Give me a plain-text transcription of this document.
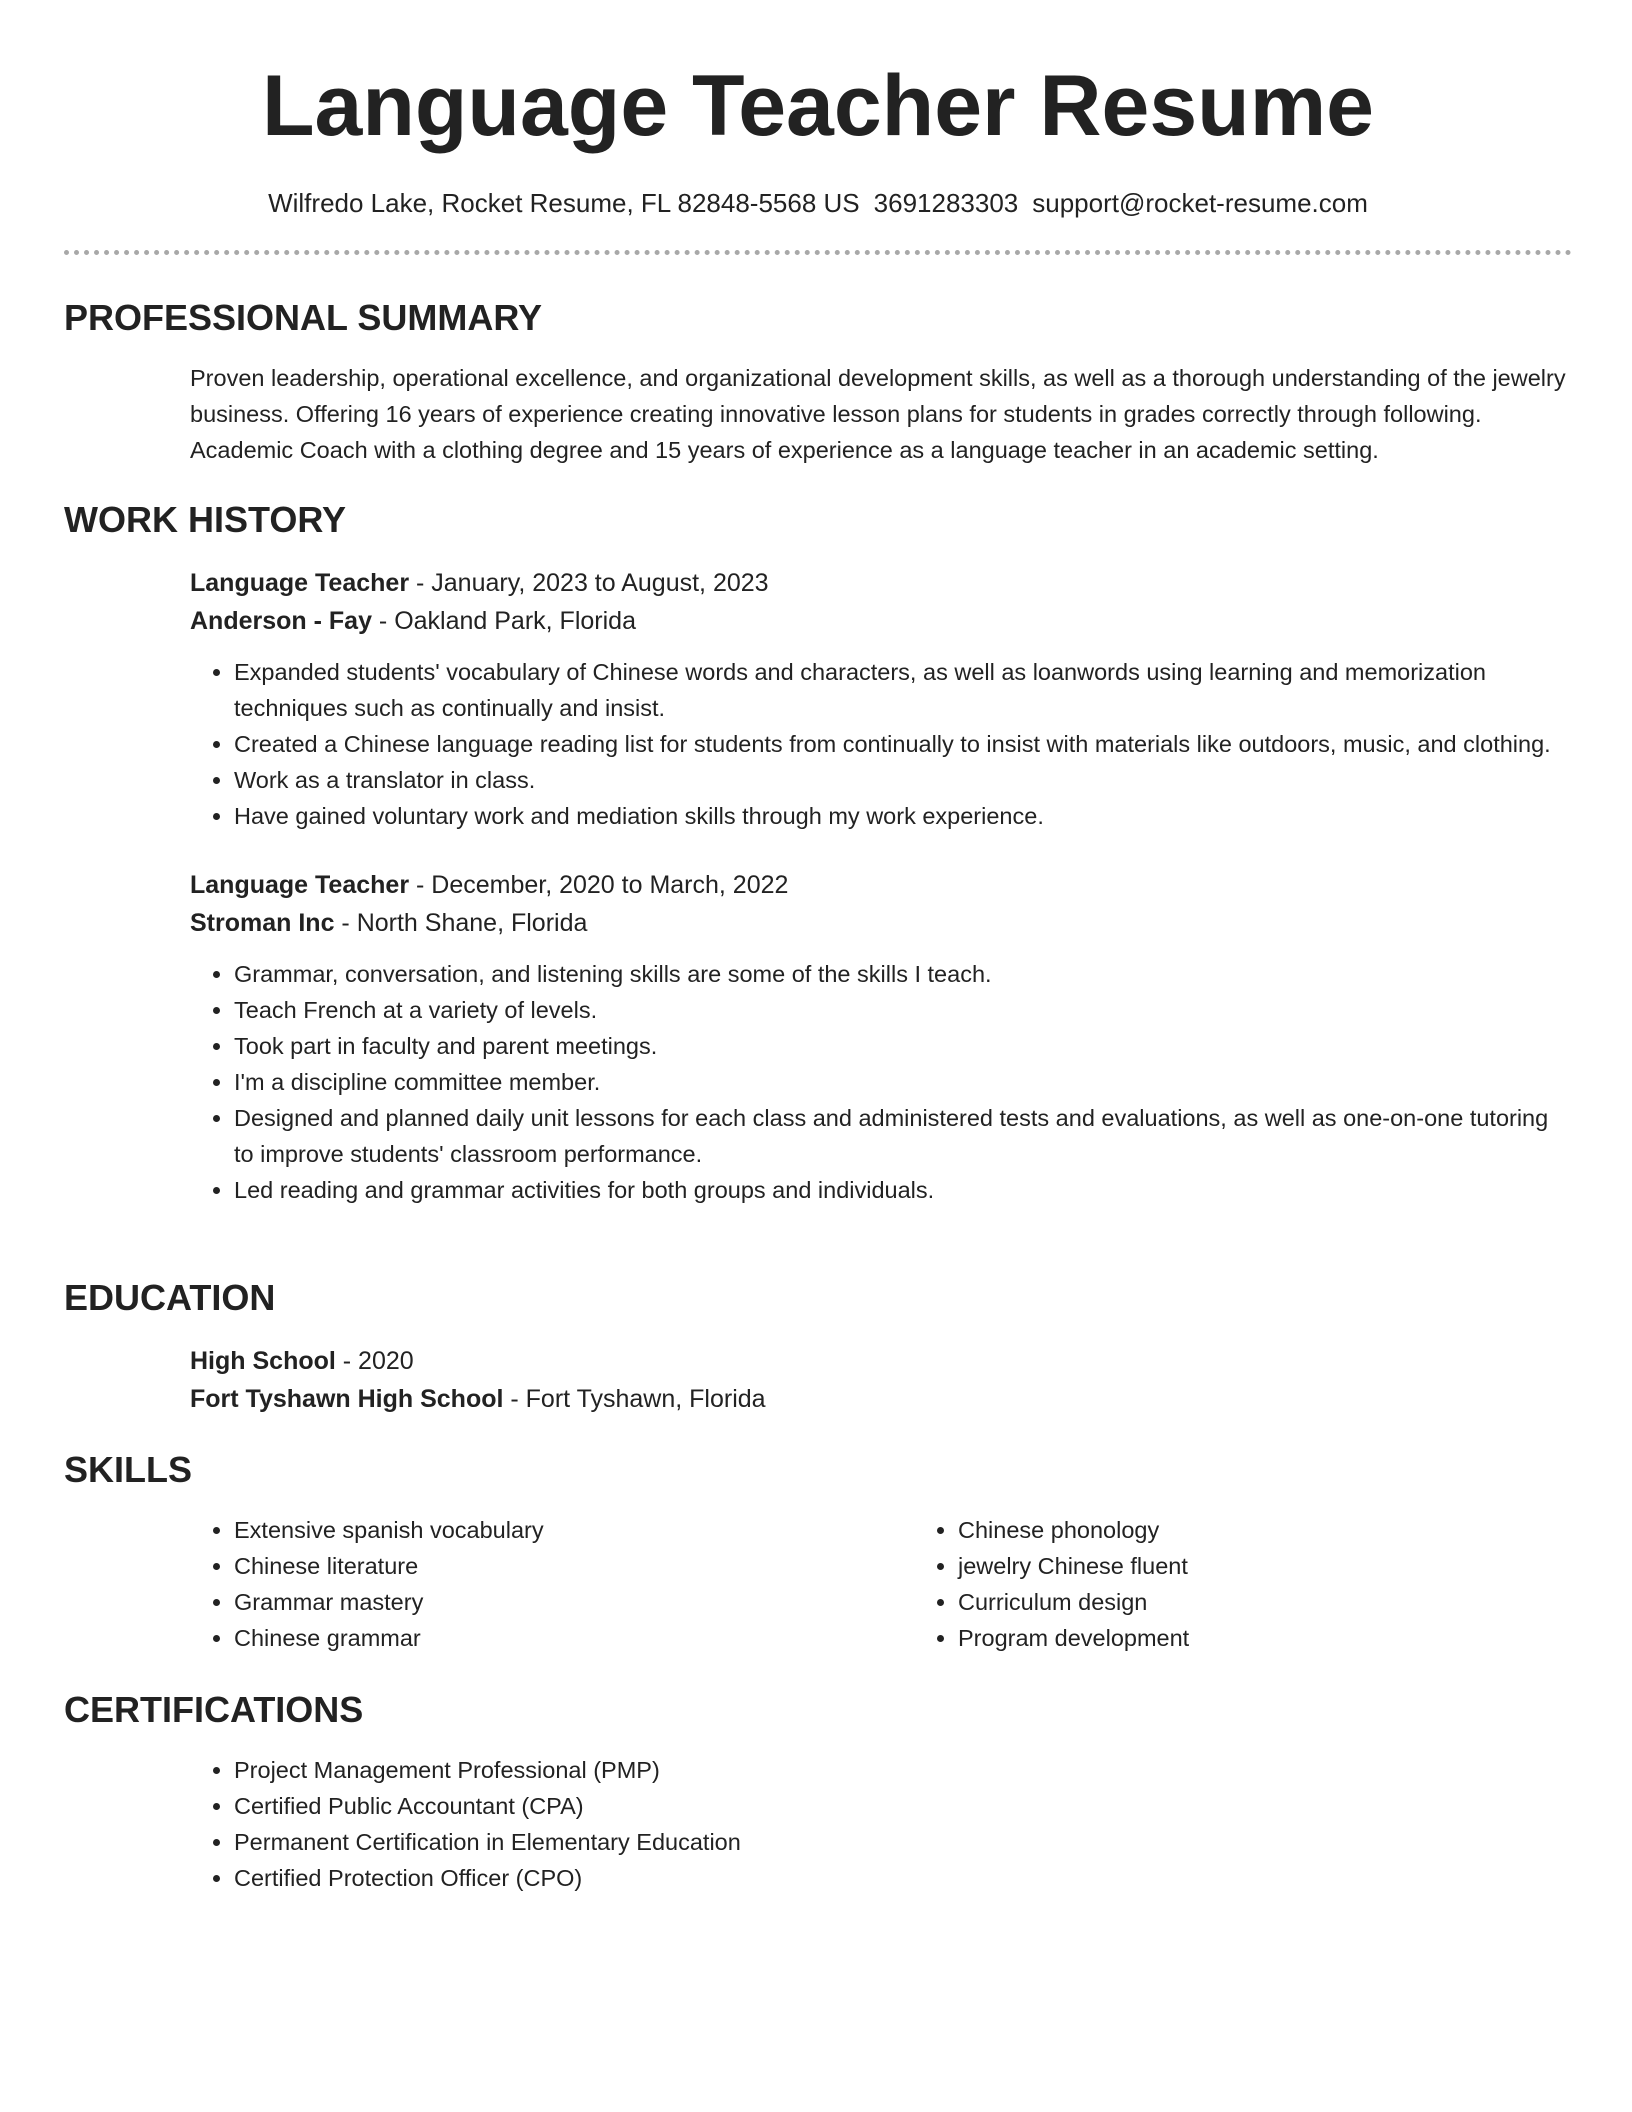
Language Teacher Resume
Wilfredo Lake, Rocket Resume, FL 82848-5568 US 3691283303 support@rocket-resume.com
PROFESSIONAL SUMMARY
Proven leadership, operational excellence, and organizational development skills, as well as a thorough understanding of the jewelry business. Offering 16 years of experience creating innovative lesson plans for students in grades correctly through following. Academic Coach with a clothing degree and 15 years of experience as a language teacher in an academic setting.
WORK HISTORY
Language Teacher - January, 2023 to August, 2023
Anderson - Fay - Oakland Park, Florida
• Expanded students' vocabulary of Chinese words and characters, as well as loanwords using learning and memorization techniques such as continually and insist.
• Created a Chinese language reading list for students from continually to insist with materials like outdoors, music, and clothing.
• Work as a translator in class.
• Have gained voluntary work and mediation skills through my work experience.
Language Teacher - December, 2020 to March, 2022
Stroman Inc - North Shane, Florida
• Grammar, conversation, and listening skills are some of the skills I teach.
• Teach French at a variety of levels.
• Took part in faculty and parent meetings.
• I'm a discipline committee member.
• Designed and planned daily unit lessons for each class and administered tests and evaluations, as well as one-on-one tutoring to improve students' classroom performance.
• Led reading and grammar activities for both groups and individuals.
EDUCATION
High School - 2020
Fort Tyshawn High School - Fort Tyshawn, Florida
SKILLS
• Extensive spanish vocabulary
• Chinese literature
• Grammar mastery
• Chinese grammar
• Chinese phonology
• jewelry Chinese fluent
• Curriculum design
• Program development
CERTIFICATIONS
• Project Management Professional (PMP)
• Certified Public Accountant (CPA)
• Permanent Certification in Elementary Education
• Certified Protection Officer (CPO)
